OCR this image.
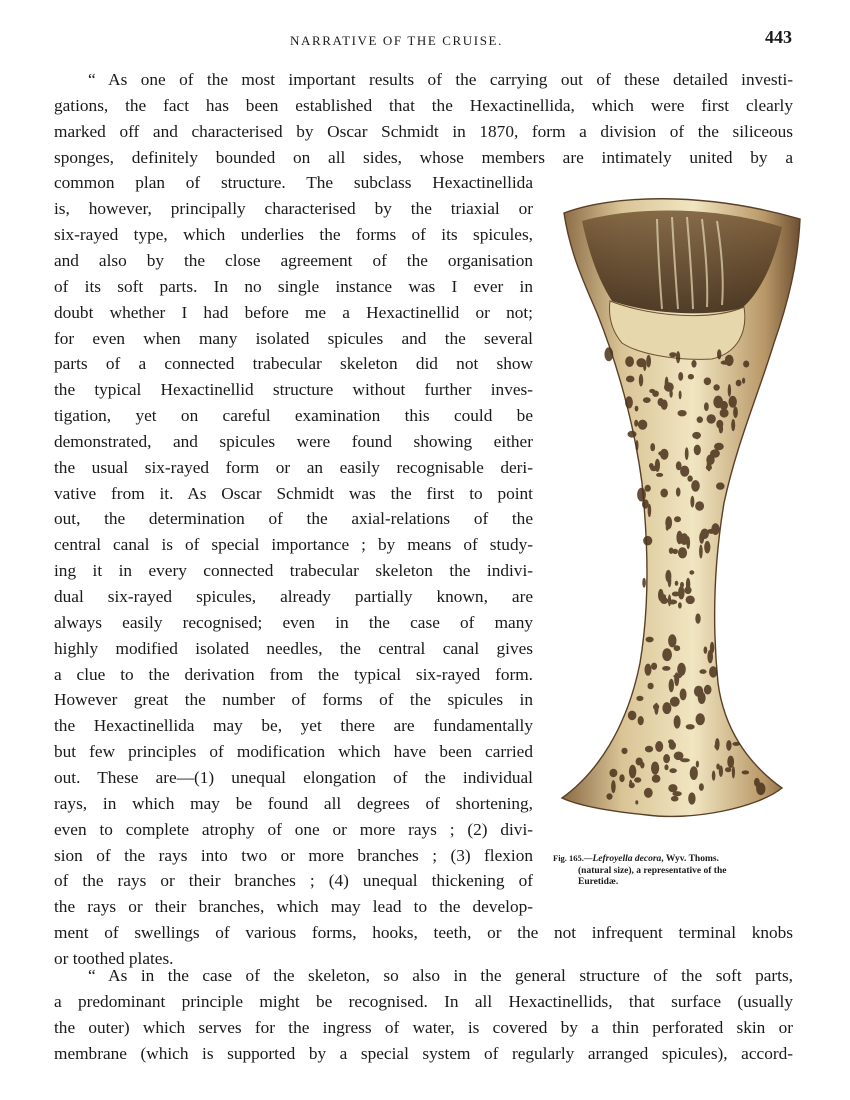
NARRATIVE OF THE CRUISE.	443
“ As one of the most important results of the carrying out of these detailed investi-
gations, the fact has been established that the Hexactinellida, which were first clearly
marked off and characterised by Oscar Schmidt in 1870, form a division of the siliceous
sponges, definitely bounded on all sides, whose members are intimately united by a
common plan of structure. The subclass Hexactinellida
is, however, principally characterised by the triaxial or
six-rayed type, which underlies the forms of its spicules,
and also by the close agreement of the organisation
of its soft parts. In no single instance was I ever in
doubt whether I had before me a Hexactinellid or not;
for even when many isolated spicules and the several
parts of a connected trabecular skeleton did not show
the typical Hexactinellid structure without further inves-
tigation, yet on careful examination this could be
demonstrated, and spicules were found showing either
the usual six-rayed form or an easily recognisable deri-
vative from it. As Oscar Schmidt was the first to point
out, the determination of the axial-relations of the
central canal is of special importance ; by means of study-
ing it in every connected trabecular skeleton the indivi-
dual six-rayed spicules, already partially known, are
always easily recognised; even in the case of many
highly modified isolated needles, the central canal gives
a clue to the derivation from the typical six-rayed form.
However great the number of forms of the spicules in
the Hexactinellida may be, yet there are fundamentally
but few principles of modification which have been carried
out. These are—(1) unequal elongation of the individual
rays, in which may be found all degrees of shortening,
even to complete atrophy of one or more rays ; (2) divi-
sion of the rays into two or more branches ; (3) flexion
of the rays or their branches ; (4) unequal thickening of
the rays or their branches, which may lead to the develop-
ment of swellings of various forms, hooks, teeth, or the not infrequent terminal knobs
or toothed plates.
“ As in the case of the skeleton, so also in the general structure of the soft parts,
a predominant principle might be recognised. In all Hexactinellids, that surface (usually
the outer) which serves for the ingress of water, is covered by a thin perforated skin or
membrane (which is supported by a special system of regularly arranged spicules), accord-
Fig. 165.—Lefroyella decora, Wyv. Thoms.
(natural size), a representative of the
Euretidæ.
